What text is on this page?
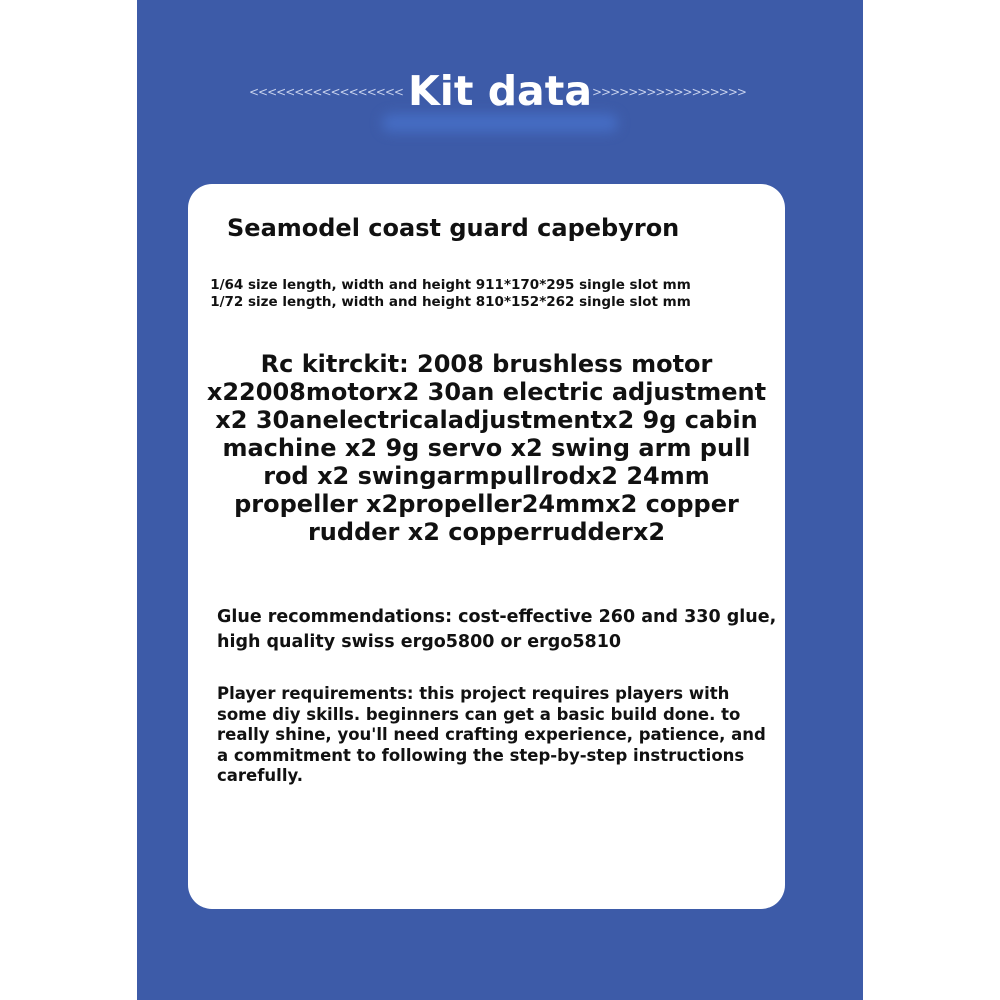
<<<<<<<<<<<<<<<<< Kit data >>>>>>>>>>>>>>>>>

Seamodel coast guard capebyron

1/64 size length, width and height 911*170*295 single slot mm 1/72 size length, width and height 810*152*262 single slot mm

Rc kitrckit: 2008 brushless motor x22008motorx2 30an electric adjustment x2 30anelectricaladjustmentx2 9g cabin machine x2 9g servo x2 swing arm pull rod x2 swingarmpullrodx2 24mm propeller x2propeller24mmx2 copper rudder x2 copperrudderx2

Glue recommendations: cost-effective 260 and 330 glue, high quality swiss ergo5800 or ergo5810

Player requirements: this project requires players with some diy skills. beginners can get a basic build done. to really shine, you'll need crafting experience, patience, and a commitment to following the step-by-step instructions carefully.
